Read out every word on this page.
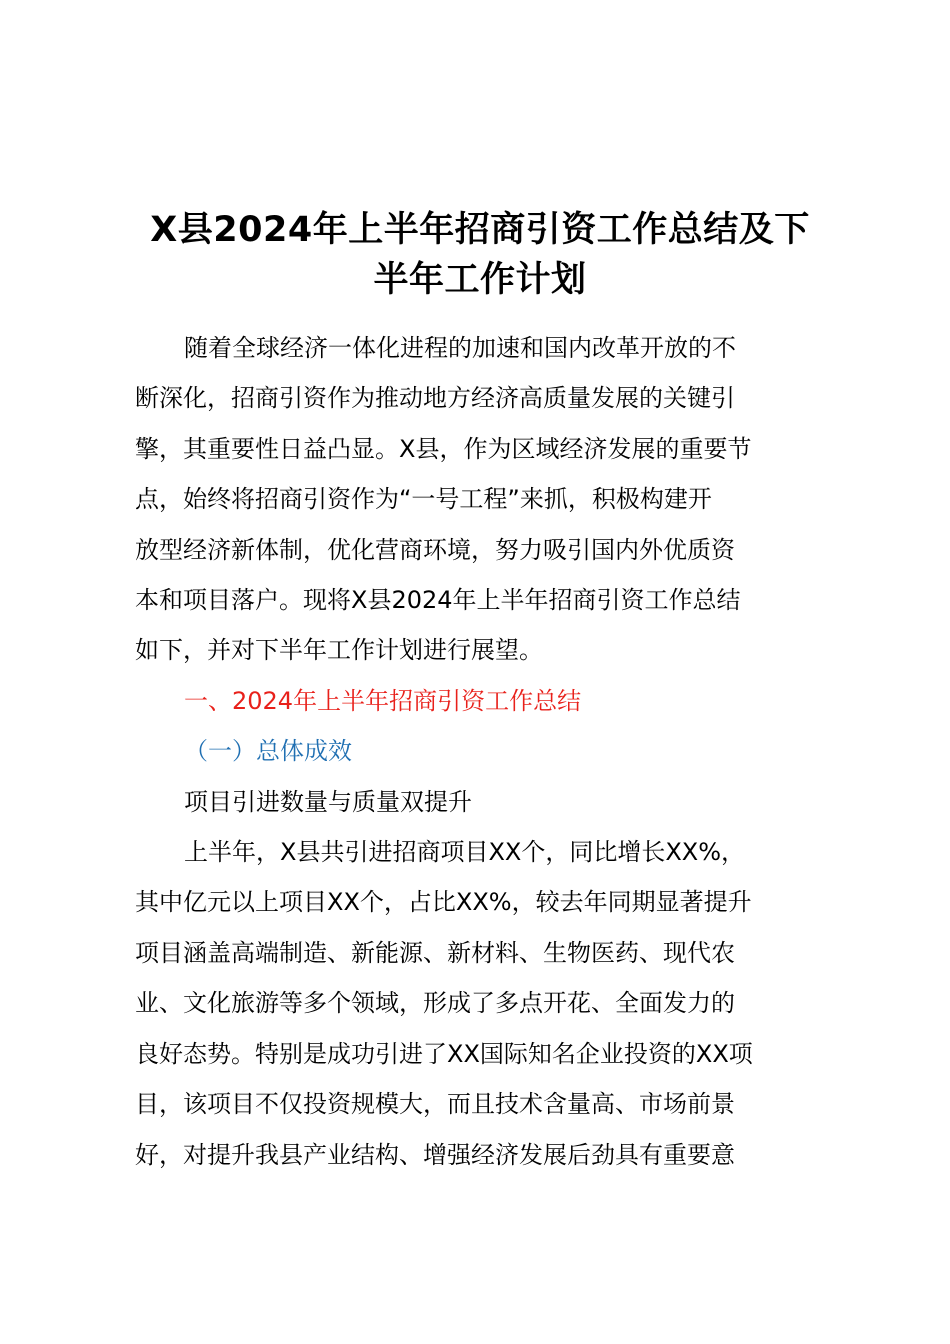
X县2024年上半年招商引资工作总结及下
半年工作计划

随着全球经济一体化进程的加速和国内改革开放的不
断深化，招商引资作为推动地方经济高质量发展的关键引
擎，其重要性日益凸显。X县，作为区域经济发展的重要节
点，始终将招商引资作为“一号工程”来抓，积极构建开
放型经济新体制，优化营商环境，努力吸引国内外优质资
本和项目落户。现将X县2024年上半年招商引资工作总结
如下，并对下半年工作计划进行展望。

一、2024年上半年招商引资工作总结

（一）总体成效

项目引进数量与质量双提升

上半年，X县共引进招商项目XX个，同比增长XX%，
其中亿元以上项目XX个，占比XX%，较去年同期显著提升
项目涵盖高端制造、新能源、新材料、生物医药、现代农
业、文化旅游等多个领域，形成了多点开花、全面发力的
良好态势。特别是成功引进了XX国际知名企业投资的XX项
目，该项目不仅投资规模大，而且技术含量高、市场前景
好，对提升我县产业结构、增强经济发展后劲具有重要意
